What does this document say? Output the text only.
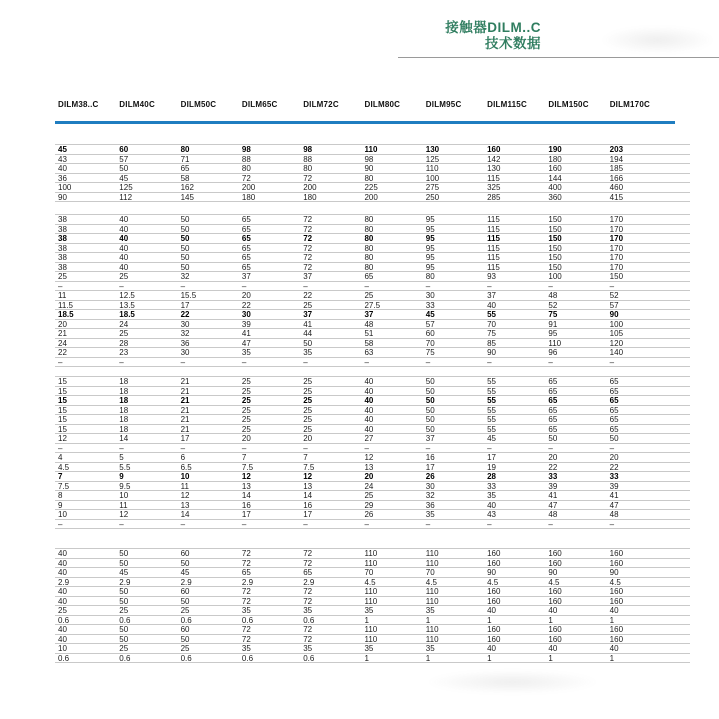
接触器DILM..C
技术数据
DILM38..C	DILM40C	DILM50C	DILM65C	DILM72C	DILM80C	DILM95C	DILM115C	DILM150C	DILM170C
45	60	80	98	98	110	130	160	190	203
43	57	71	88	88	98	125	142	180	194
40	50	65	80	80	90	110	130	160	185
36	45	58	72	72	80	100	115	144	166
100	125	162	200	200	225	275	325	400	460
90	112	145	180	180	200	250	285	360	415
38	40	50	65	72	80	95	115	150	170
38	40	50	65	72	80	95	115	150	170
38	40	50	65	72	80	95	115	150	170
38	40	50	65	72	80	95	115	150	170
38	40	50	65	72	80	95	115	150	170
38	40	50	65	72	80	95	115	150	170
25	25	32	37	37	65	80	93	100	150
–	–	–	–	–	–	–	–	–	–
11	12.5	15.5	20	22	25	30	37	48	52
11.5	13.5	17	22	25	27.5	33	40	52	57
18.5	18.5	22	30	37	37	45	55	75	90
20	24	30	39	41	48	57	70	91	100
21	25	32	41	44	51	60	75	95	105
24	28	36	47	50	58	70	85	110	120
22	23	30	35	35	63	75	90	96	140
–	–	–	–	–	–	–	–	–	–
15	18	21	25	25	40	50	55	65	65
15	18	21	25	25	40	50	55	65	65
15	18	21	25	25	40	50	55	65	65
15	18	21	25	25	40	50	55	65	65
15	18	21	25	25	40	50	55	65	65
15	18	21	25	25	40	50	55	65	65
12	14	17	20	20	27	37	45	50	50
–	–	–	–	–	–	–	–	–	–
4	5	6	7	7	12	16	17	20	20
4.5	5.5	6.5	7.5	7.5	13	17	19	22	22
7	9	10	12	12	20	26	28	33	33
7.5	9.5	11	13	13	24	30	33	39	39
8	10	12	14	14	25	32	35	41	41
9	11	13	16	16	29	36	40	47	47
10	12	14	17	17	26	35	43	48	48
–	–	–	–	–	–	–	–	–	–
40	50	60	72	72	110	110	160	160	160
40	50	50	72	72	110	110	160	160	160
40	45	45	65	65	70	70	90	90	90
2.9	2.9	2.9	2.9	2.9	4.5	4.5	4.5	4.5	4.5
40	50	60	72	72	110	110	160	160	160
40	50	50	72	72	110	110	160	160	160
25	25	25	35	35	35	35	40	40	40
0.6	0.6	0.6	0.6	0.6	1	1	1	1	1
40	50	60	72	72	110	110	160	160	160
40	50	50	72	72	110	110	160	160	160
10	25	25	35	35	35	35	40	40	40
0.6	0.6	0.6	0.6	0.6	1	1	1	1	1
